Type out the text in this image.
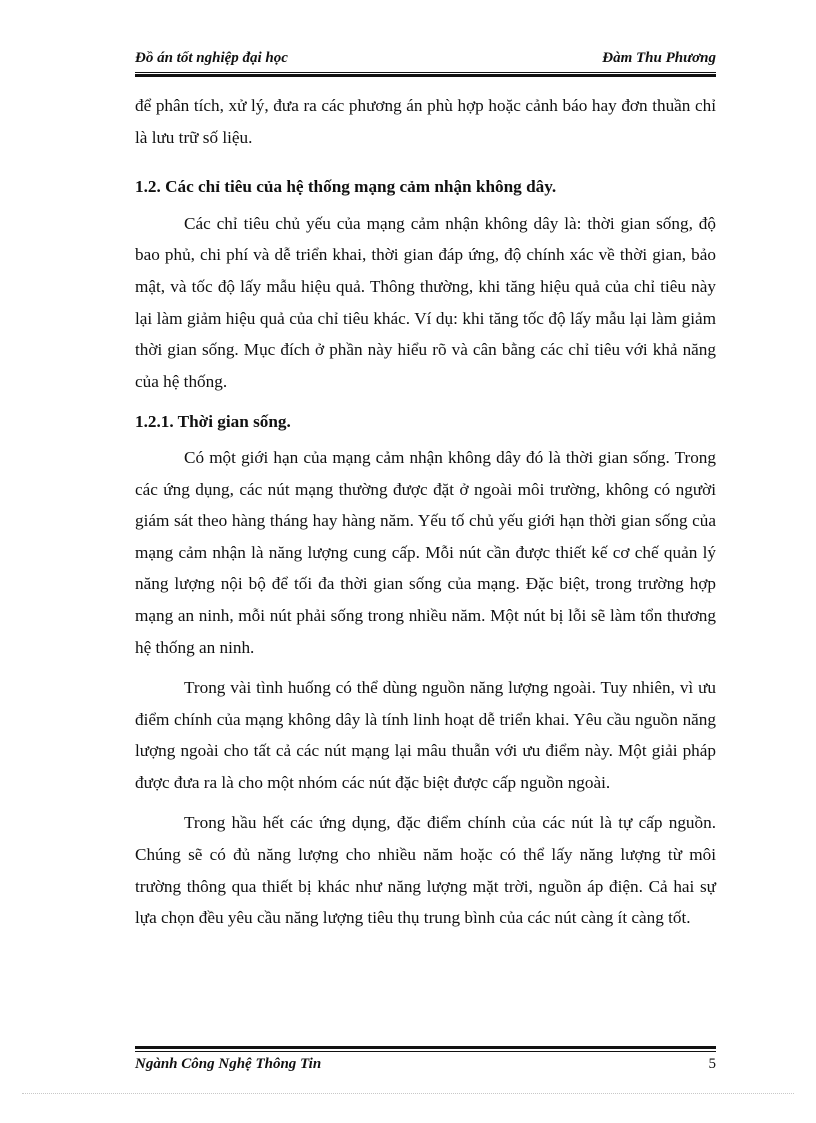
Đồ án tốt nghiệp đại học	Đàm Thu Phương

để phân tích, xử lý, đưa ra các phương án phù hợp hoặc cảnh báo hay đơn thuần chỉ là lưu trữ số liệu.

1.2. Các chỉ tiêu của hệ thống mạng cảm nhận không dây.

Các chỉ tiêu chủ yếu của mạng cảm nhận không dây là: thời gian sống, độ bao phủ, chi phí và dễ triển khai, thời gian đáp ứng, độ chính xác về thời gian, bảo mật, và tốc độ lấy mẫu hiệu quả. Thông thường, khi tăng hiệu quả của chỉ tiêu này lại làm giảm hiệu quả của chỉ tiêu khác. Ví dụ: khi tăng tốc độ lấy mẫu lại làm giảm thời gian sống. Mục đích ở phần này hiểu rõ và cân bằng các chỉ tiêu với khả năng của hệ thống.

1.2.1. Thời gian sống.

Có một giới hạn của mạng cảm nhận không dây đó là thời gian sống. Trong các ứng dụng, các nút mạng thường được đặt ở ngoài môi trường, không có người giám sát theo hàng tháng hay hàng năm. Yếu tố chủ yếu giới hạn thời gian sống của mạng cảm nhận là năng lượng cung cấp. Mỗi nút cần được thiết kế cơ chế quản lý năng lượng nội bộ để tối đa thời gian sống của mạng. Đặc biệt, trong trường hợp mạng an ninh, mỗi nút phải sống trong nhiều năm. Một nút bị lỗi sẽ làm tổn thương hệ thống an ninh.

Trong vài tình huống có thể dùng nguồn năng lượng ngoài. Tuy nhiên, vì ưu điểm chính của mạng không dây là tính linh hoạt dễ triển khai. Yêu cầu nguồn năng lượng ngoài cho tất cả các nút mạng lại mâu thuẫn với ưu điểm này. Một giải pháp được đưa ra là cho một nhóm các nút đặc biệt được cấp nguồn ngoài.

Trong hầu hết các ứng dụng, đặc điểm chính của các nút là tự cấp nguồn. Chúng sẽ có đủ năng lượng cho nhiều năm hoặc có thể lấy năng lượng từ môi trường thông qua thiết bị khác như năng lượng mặt trời, nguồn áp điện. Cả hai sự lựa chọn đều yêu cầu năng lượng tiêu thụ trung bình của các nút càng ít càng tốt.

Ngành Công Nghệ Thông Tin	5
